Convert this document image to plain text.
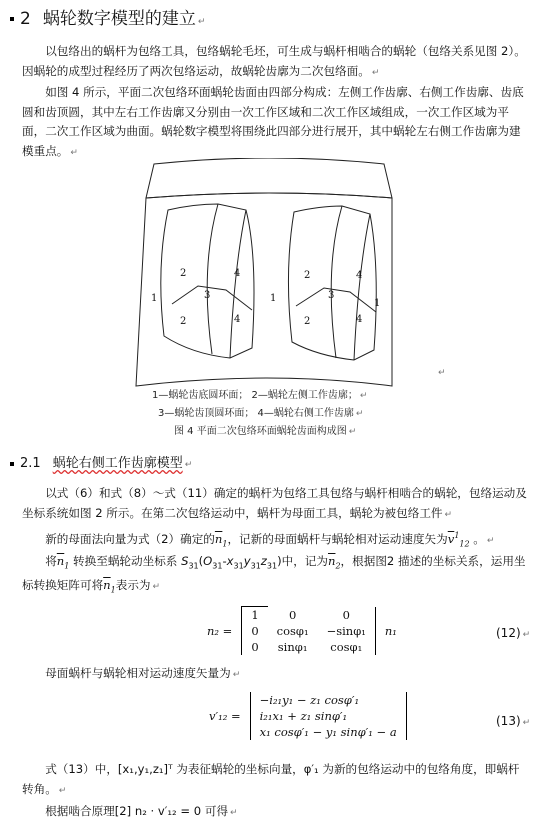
2 蜗轮数字模型的建立 ↵

以包络出的蜗杆为包络工具，包络蜗轮毛坯，可生成与蜗杆相啮合的蜗轮（包络关系见图 2）。因蜗轮的成型过程经历了两次包络运动，故蜗轮齿廓为二次包络面。 ↵

如图 4 所示，平面二次包络环面蜗轮齿面由四部分构成：左侧工作齿廓、右侧工作齿廓、齿底圆和齿顶圆，其中左右工作齿廓又分别由一次工作区域和二次工作区域组成，一次工作区域为平面，二次工作区域为曲面。蜗轮数字模型将围绕此四部分进行展开，其中蜗轮左右侧工作齿廓为建模重点。 ↵

1
2
3
4
2	4
1
2
3
4
2	4
1
↵
1—蜗轮齿底圆环面； 2—蜗轮左侧工作齿廓； ↵
3—蜗轮齿顶圆环面； 4—蜗轮右侧工作齿廓 ↵
图 4 平面二次包络环面蜗轮齿面构成图 ↵
2.1 蜗轮右侧工作齿廓模型 ↵

以式（6）和式（8）～式（11）确定的蜗杆为包络工具包络与蜗杆相啮合的蜗轮，包络运动及坐标系统如图 2 所示。在第二次包络运动中，蜗杆为母面工具，蜗轮为被包络工件 ↵

新的母面法向量为式（2）确定的$\overline{n}_1$，记新的母面蜗杆与蜗轮相对运动速度矢为$\overline{v}^1_{12}$ 。 ↵

将$\overline{n}_1$ 转换至蜗轮动坐标系 $S_{31}(O_{31}-x_{31}y_{31}z_{31})$中，记为$\overline{n}_2$，根据图2 描述的坐标关系，运用坐标转换矩阵可将$\overline{n}_1$表示为 ↵

n₂ =	1	0	0	n₁
	0	cosφ₁	−sinφ₁	
	0	sinφ₁	cosφ₁	
(12) ↵

母面蜗杆与蜗轮相对运动速度矢量为 ↵

v′₁₂ =	−i₂₁y₁ − z₁ cosφ′₁
i₂₁x₁ + z₁ sinφ′₁
x₁ cosφ′₁ − y₁ sinφ′₁ − a
(13) ↵

式（13）中，[x₁,y₁,z₁]ᵀ 为表征蜗轮的坐标向量，φ′₁ 为新的包络运动中的包络角度，即蜗杆转角。 ↵

根据啮合原理[2] n₂ · v′₁₂ = 0 可得 ↵
